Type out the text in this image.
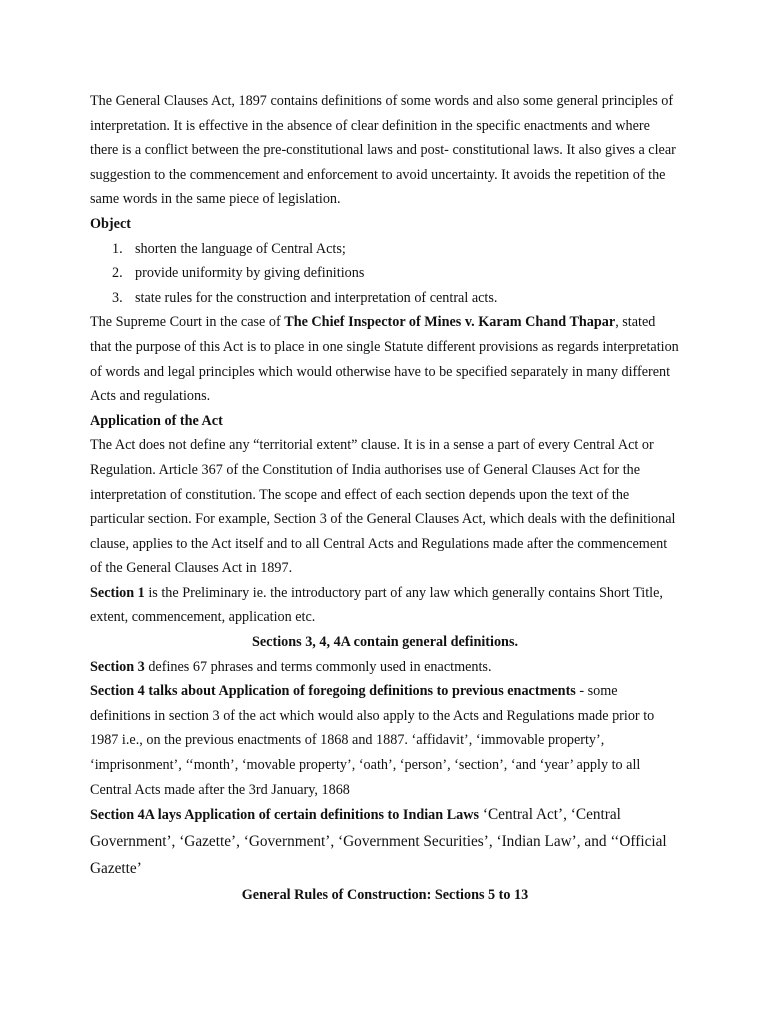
The General Clauses Act, 1897 contains definitions of some words and also some general principles of interpretation. It is effective in the absence of clear definition in the specific enactments and where there is a conflict between the pre-constitutional laws and post- constitutional laws. It also gives a clear suggestion to the commencement and enforcement to avoid uncertainty. It avoids the repetition of the same words in the same piece of legislation.

Object
1. shorten the language of Central Acts;
2. provide uniformity by giving definitions
3. state rules for the construction and interpretation of central acts.

The Supreme Court in the case of The Chief Inspector of Mines v. Karam Chand Thapar, stated that the purpose of this Act is to place in one single Statute different provisions as regards interpretation of words and legal principles which would otherwise have to be specified separately in many different Acts and regulations.

Application of the Act

The Act does not define any “territorial extent” clause. It is in a sense a part of every Central Act or Regulation. Article 367 of the Constitution of India authorises use of General Clauses Act for the interpretation of constitution. The scope and effect of each section depends upon the text of the particular section. For example, Section 3 of the General Clauses Act, which deals with the definitional clause, applies to the Act itself and to all Central Acts and Regulations made after the commencement of the General Clauses Act in 1897.

Section 1 is the Preliminary ie. the introductory part of any law which generally contains Short Title, extent, commencement, application etc.

Sections 3, 4, 4A contain general definitions.

Section 3 defines 67 phrases and terms commonly used in enactments.

Section 4 talks about Application of foregoing definitions to previous enactments - some definitions in section 3 of the act which would also apply to the Acts and Regulations made prior to 1987 i.e., on the previous enactments of 1868 and 1887. ‘affidavit’, ‘immovable property’, ‘imprisonment’, ‘‘month’, ‘movable property’, ‘oath’, ‘person’, ‘section’, ‘and ‘year’ apply to all Central Acts made after the 3rd January, 1868

Section 4A lays Application of certain definitions to Indian Laws ‘Central Act’, ‘Central Government’, ‘Gazette’, ‘Government’, ‘Government Securities’, ‘Indian Law’, and ‘‘Official Gazette’

General Rules of Construction: Sections 5 to 13
